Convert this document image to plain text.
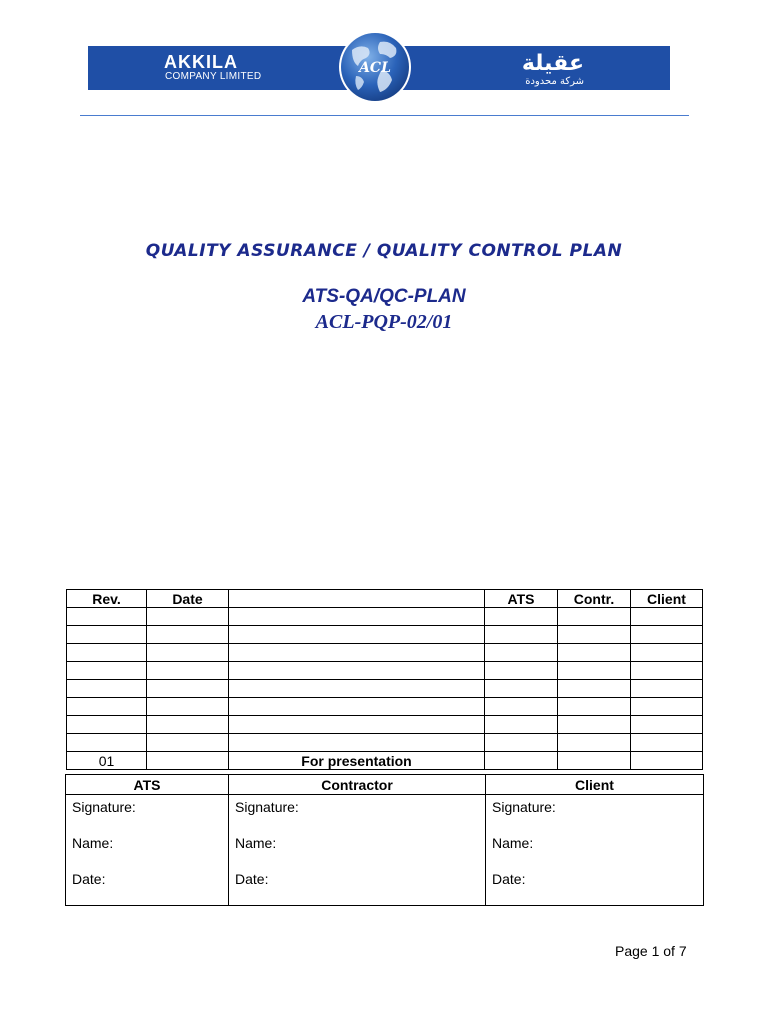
AKKILA
COMPANY LIMITED
عقيلة
شركة محدودة
ACL
QUALITY ASSURANCE / QUALITY CONTROL PLAN
ATS-QA/QC-PLAN
ACL-PQP-02/01
Rev.	Date		ATS	Contr.	Client

01		For presentation			
ATS	Contractor	Client

Signature:
Name:
Date:	Signature:
Name:
Date:	Signature:
Name:
Date:
Page 1 of 7
